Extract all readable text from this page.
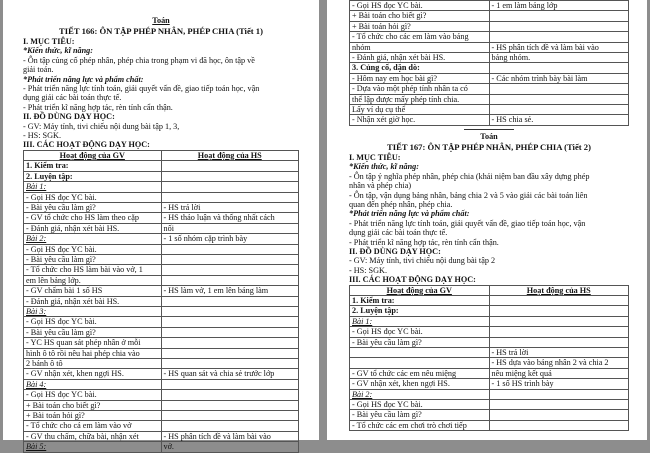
Toán
TIẾT 166: ÔN TẬP PHÉP NHÂN, PHÉP CHIA (Tiết 1)
I. MỤC TIÊU:
*Kiến thức, kĩ năng:
- Ôn tập củng cố phép nhân, phép chia trong phạm vi đã học, ôn tập về
giải toán.
*Phát triển năng lực và phẩm chất:
- Phát triển năng lực tính toán, giải quyết vấn đề, giao tiếp toán học, vận
dụng giải các bài toán thực tế.
- Phát triển kĩ năng hợp tác, rèn tính cẩn thận.
II. ĐỒ DÙNG DẠY HỌC:
- GV: Máy tính, tivi chiếu nội dung bài tập 1, 3,
- HS: SGK.
III. CÁC HOẠT ĐỘNG DẠY HỌC:
Hoạt động của GV	Hoạt động của HS
1. Kiểm tra:	
2. Luyện tập:	
Bài 1:	
- Gọi HS đọc YC bài.	
- Bài yêu cầu làm gì?	- HS trả lời
- GV tổ chức cho HS làm theo cặp	- HS thảo luận và thống nhất cách
- Đánh giá, nhận xét bài HS.	nối
Bài 2:	- 1 số nhóm cặp trình bày
- Gọi HS đọc YC bài.	
- Bài yêu cầu làm gì?	
- Tổ chức cho HS làm bài vào vở, 1	
em lên bảng lớp.	
- GV chấm bài 1 số HS	- HS làm vở, 1 em lên bảng làm
- Đánh giá, nhận xét bài HS.	
Bài 3:	
- Gọi HS đọc YC bài.	
- Bài yêu cầu làm gì?	
- YC HS quan sát phép nhân ở mỗi	
hình ô tô rồi nêu hai phép chia vào	
2 bánh ô tô	
- GV nhận xét, khen ngợi HS.	- HS quan sát và chia sẻ trước lớp
Bài 4:	
- Gọi HS đọc YC bài.	
+ Bài toán cho biết gì?	
+ Bài toán hỏi gì?	
- Tổ chức cho cá em làm vào vở	
- GV thu chấm, chữa bài, nhận xét	- HS phân tích đề và làm bài vào
Bài 5:	vở.
- Gọi HS đọc YC bài.	- 1 em làm bảng lớp
+ Bài toán cho biết gì?	
+ Bài toán hỏi gì?	
- Tổ chức cho các em làm vào bảng	
nhóm	- HS phân tích đề và làm bài vào
- Đánh giá, nhận xét bài HS.	bảng nhóm.
3. Củng cố, dặn dò:	
- Hôm nay em học bài gì?	- Các nhóm trình bày bài làm
- Dựa vào một phép tính nhân ta có	
thể lập được mấy phép tính chia.	
Lấy ví dụ cụ thể	
- Nhận xét giờ học.	- HS chia sẻ.
Toán
TIẾT 167: ÔN TẬP PHÉP NHÂN, PHÉP CHIA (Tiết 2)
I. MỤC TIÊU:
*Kiến thức, kĩ năng:
- Ôn tập ý nghĩa phép nhân, phép chia (khái niệm ban đầu xây dựng phép
nhân và phép chia)
- Ôn tập, vận dụng bảng nhân, bảng chia 2 và 5 vào giải các bài toán liên
quan đến phép nhân, phép chia.
*Phát triển năng lực và phẩm chất:
- Phát triển năng lực tính toán, giải quyết vấn đề, giao tiếp toán học, vận
dụng giải các bài toán thực tế.
- Phát triển kĩ năng hợp tác, rèn tính cẩn thận.
II. ĐỒ DÙNG DẠY HỌC:
- GV: Máy tính, tivi chiếu nội dung bài tập 2
- HS: SGK.
III. CÁC HOẠT ĐỘNG DẠY HỌC:
Hoạt động của GV	Hoạt động của HS
1. Kiểm tra:	
2. Luyện tập:	
Bài 1:	
- Gọi HS đọc YC bài.	
- Bài yêu cầu làm gì?	
	- HS trả lời
	- HS dựa vào bảng nhân 2 và chia 2
- GV tổ chức các em nêu miệng	nêu miệng kết quả
- GV nhận xét, khen ngợi HS.	- 1 số HS trình bày
Bài 2:	
- Gọi HS đọc YC bài.	
- Bài yêu cầu làm gì?	
- Tổ chức các em chơi trò chơi tiếp	
